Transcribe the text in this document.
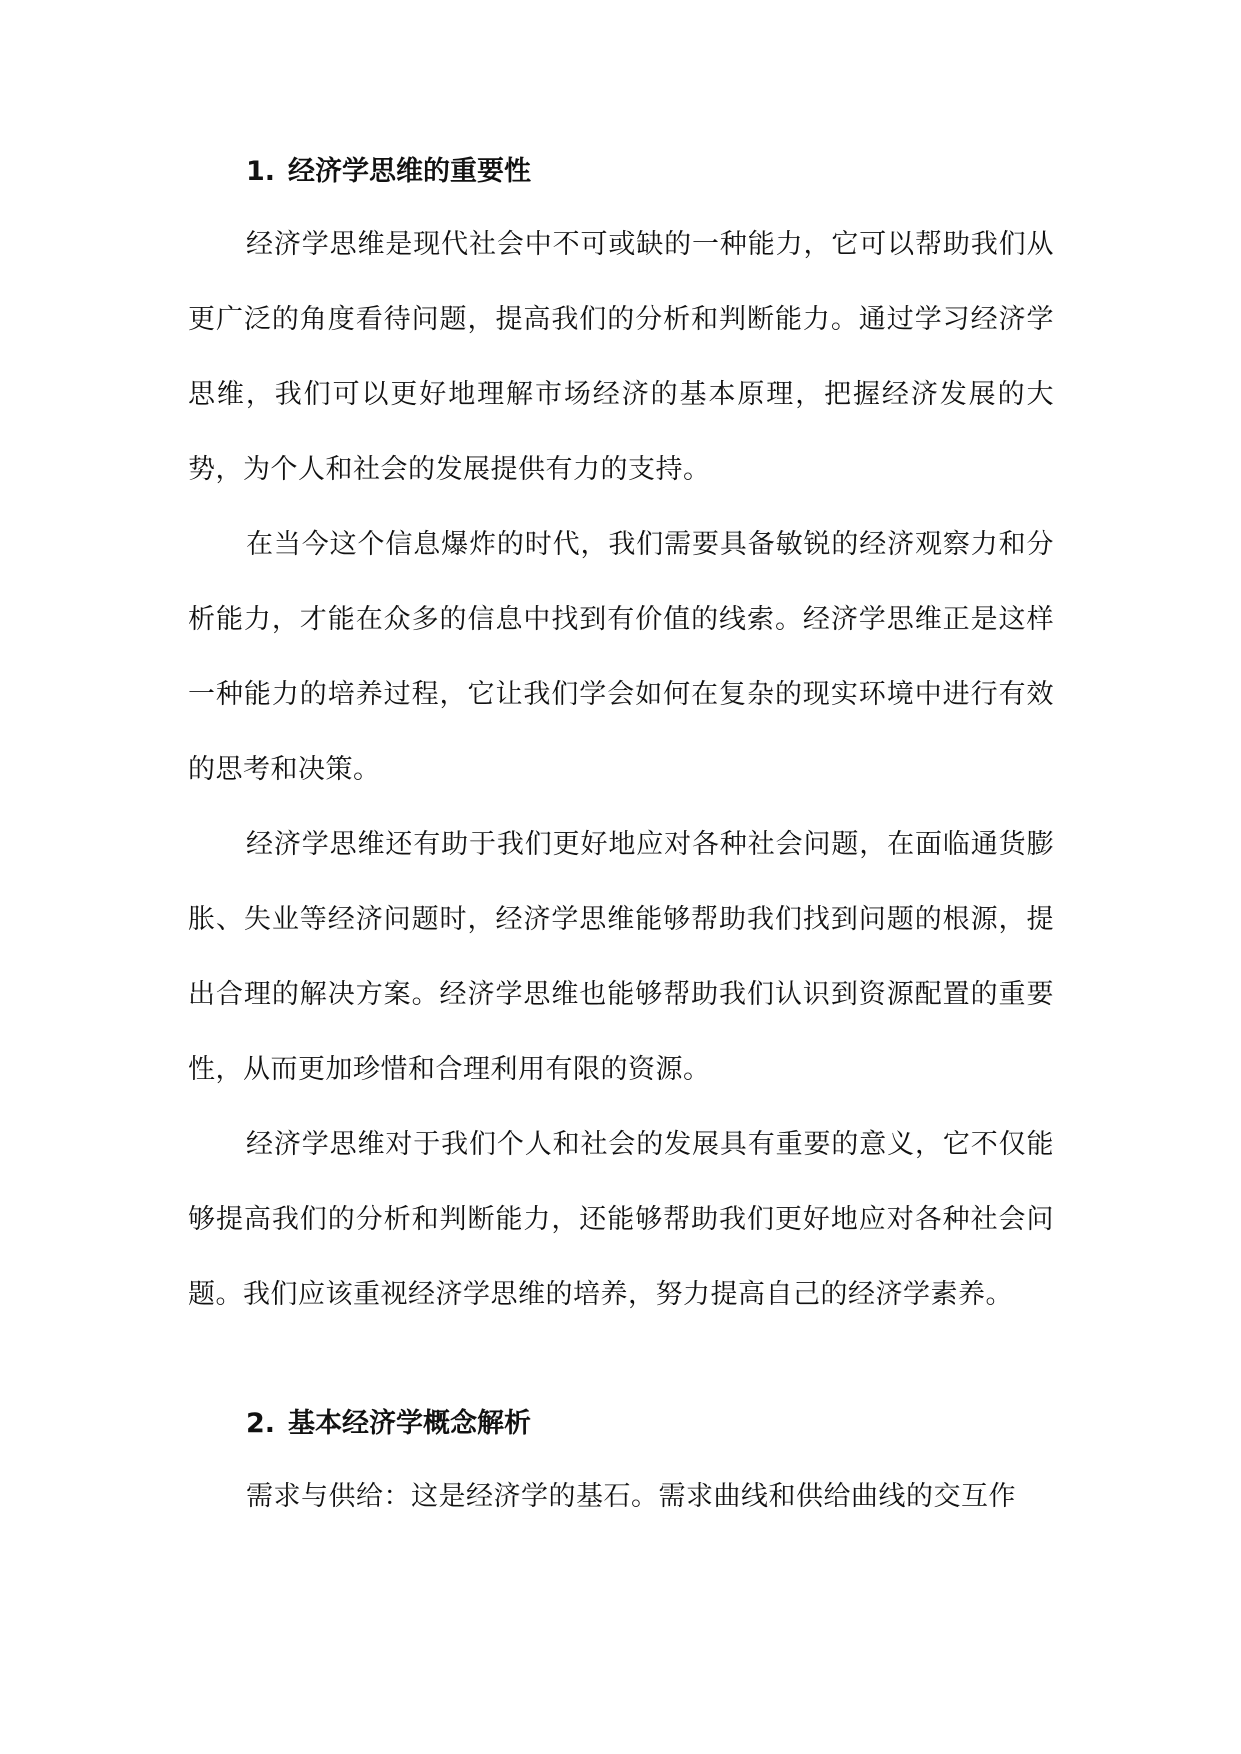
1. 经济学思维的重要性

经济学思维是现代社会中不可或缺的一种能力，它可以帮助我们从更广泛的角度看待问题，提高我们的分析和判断能力。通过学习经济学思维，我们可以更好地理解市场经济的基本原理，把握经济发展的大势，为个人和社会的发展提供有力的支持。

在当今这个信息爆炸的时代，我们需要具备敏锐的经济观察力和分析能力，才能在众多的信息中找到有价值的线索。经济学思维正是这样一种能力的培养过程，它让我们学会如何在复杂的现实环境中进行有效的思考和决策。

经济学思维还有助于我们更好地应对各种社会问题，在面临通货膨胀、失业等经济问题时，经济学思维能够帮助我们找到问题的根源，提出合理的解决方案。经济学思维也能够帮助我们认识到资源配置的重要性，从而更加珍惜和合理利用有限的资源。

经济学思维对于我们个人和社会的发展具有重要的意义，它不仅能够提高我们的分析和判断能力，还能够帮助我们更好地应对各种社会问题。我们应该重视经济学思维的培养，努力提高自己的经济学素养。

2. 基本经济学概念解析

需求与供给：这是经济学的基石。需求曲线和供给曲线的交互作
